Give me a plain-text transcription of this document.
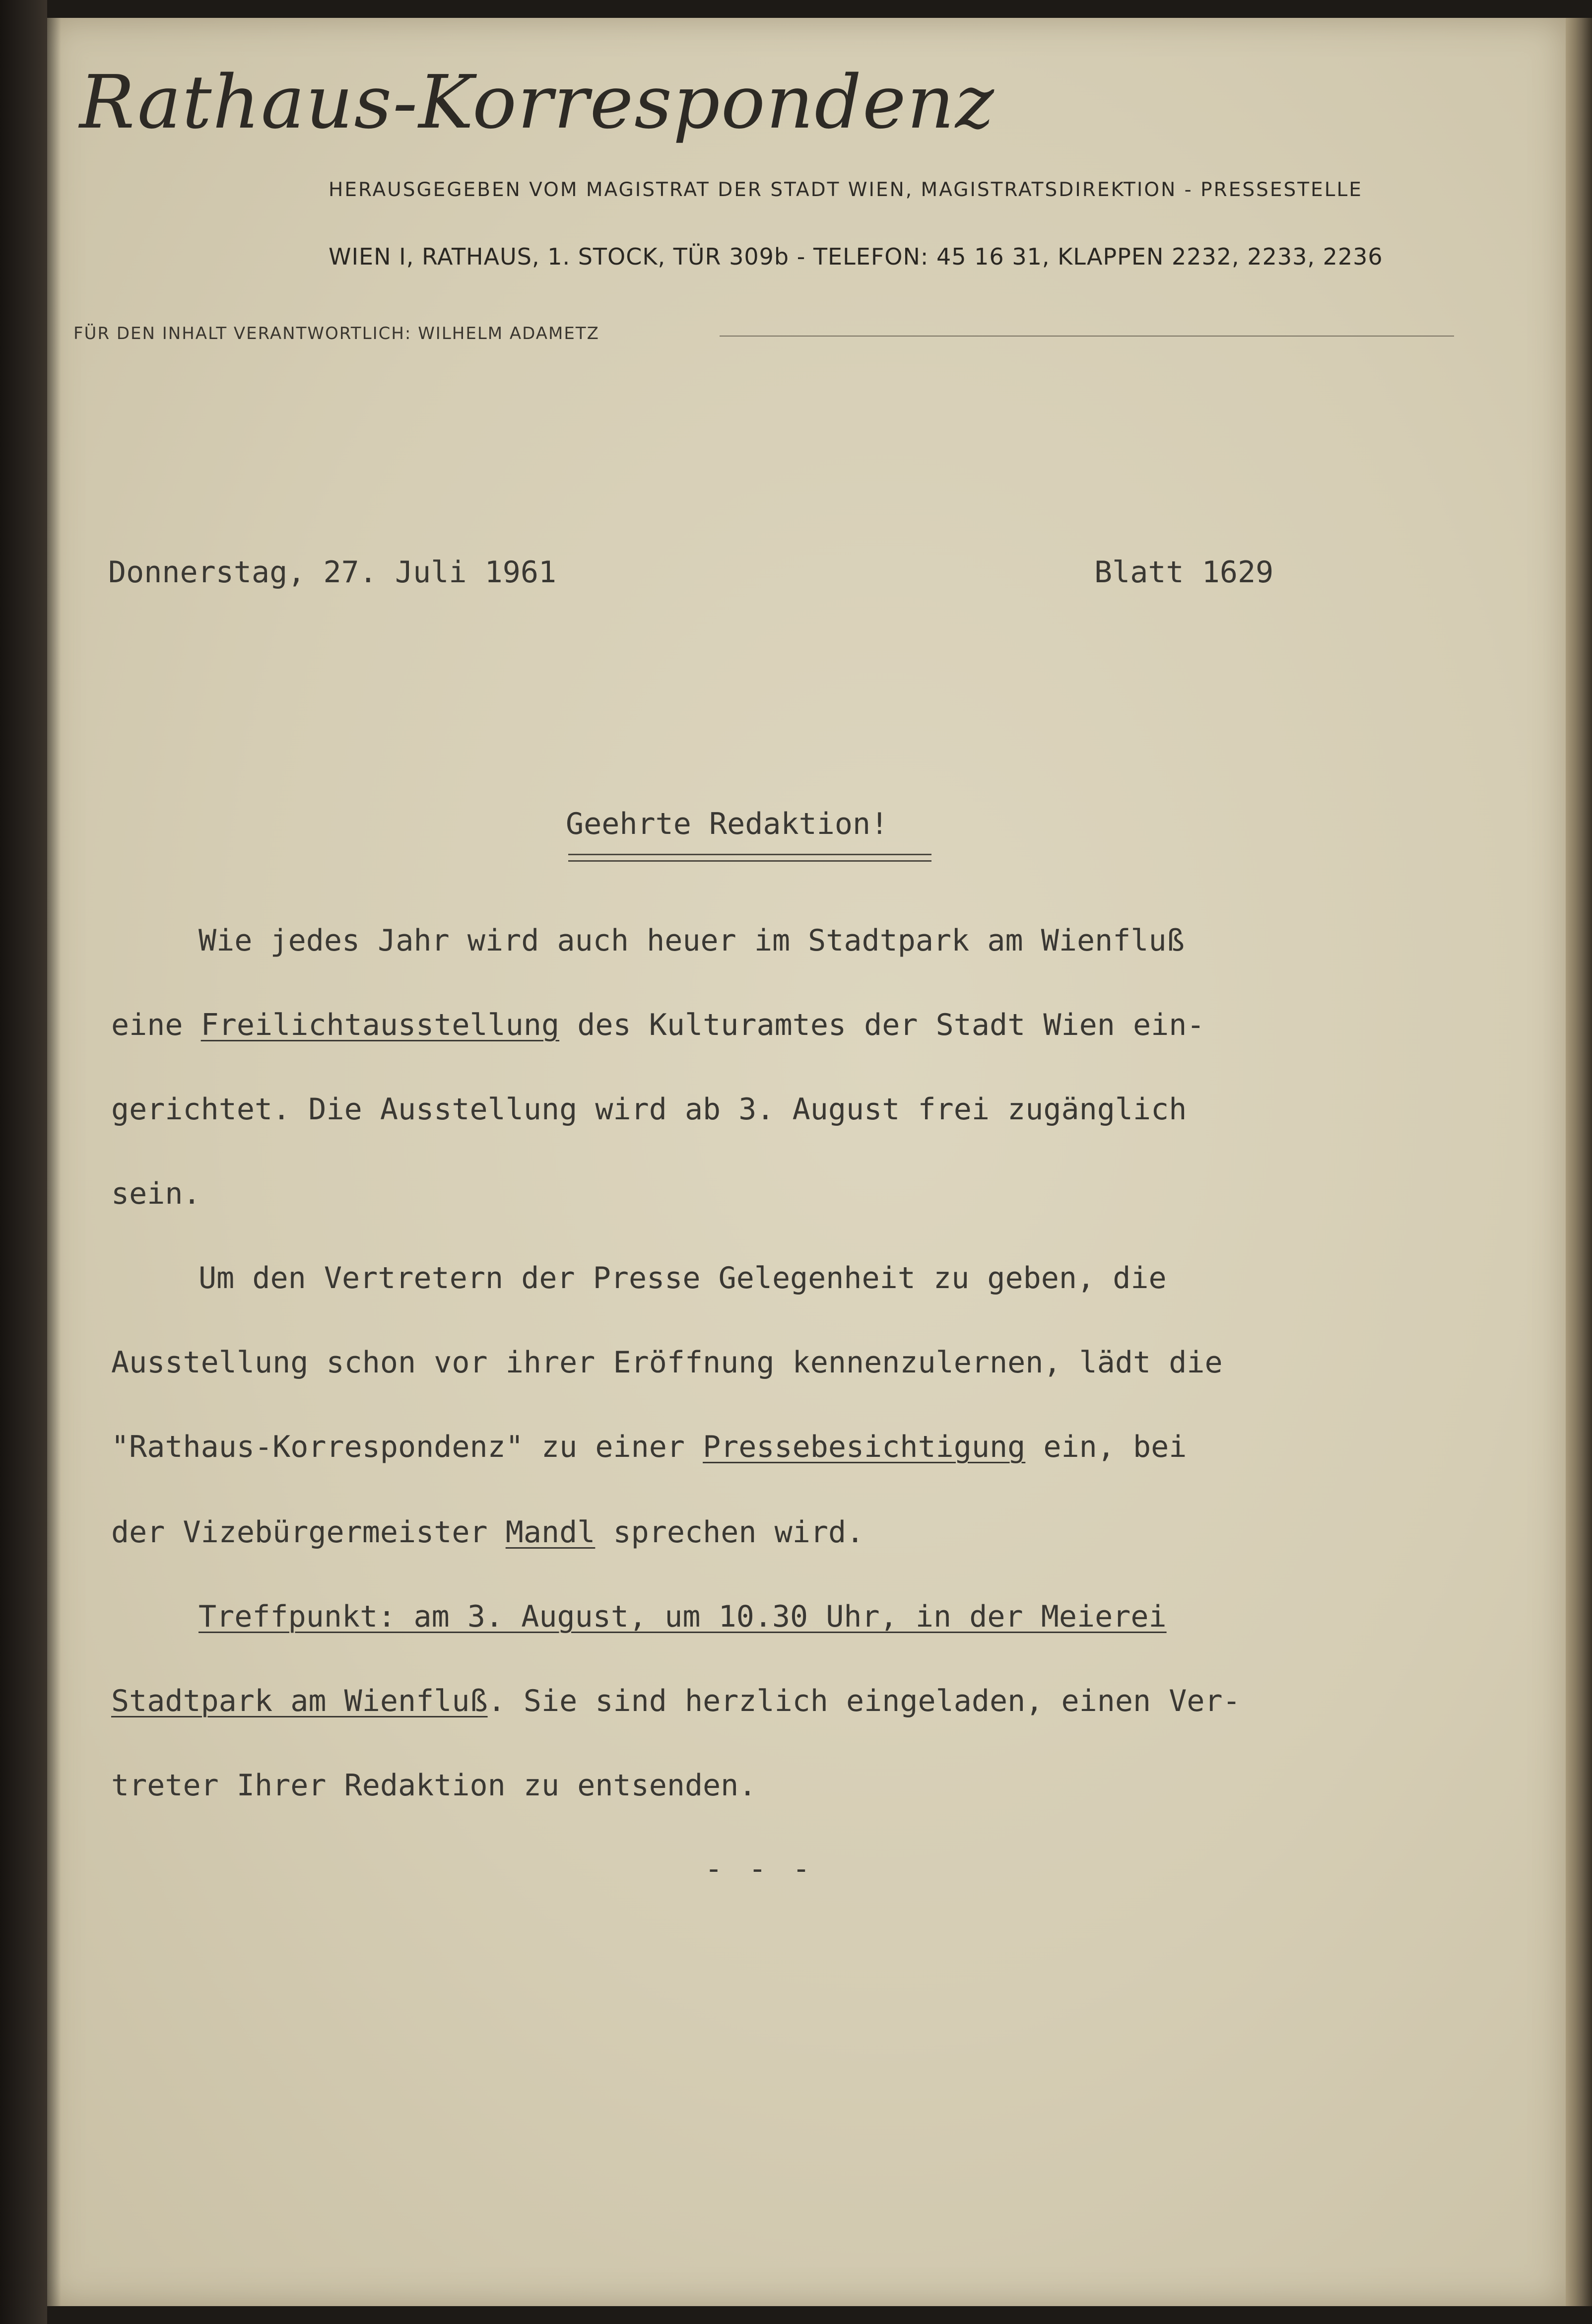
Rathaus-Korrespondenz
HERAUSGEGEBEN VOM MAGISTRAT DER STADT WIEN, MAGISTRATSDIREKTION - PRESSESTELLE
WIEN I, RATHAUS, 1. STOCK, TÜR 309b - TELEFON: 45 16 31, KLAPPEN 2232, 2233, 2236
FÜR DEN INHALT VERANTWORTLICH: WILHELM ADAMETZ

Donnerstag, 27. Juli 1961	Blatt 1629

Geehrte Redaktion!

Wie jedes Jahr wird auch heuer im Stadtpark am Wienfluß

eine Freilichtausstellung des Kulturamtes der Stadt Wien ein-

gerichtet. Die Ausstellung wird ab 3. August frei zugänglich

sein.

Um den Vertretern der Presse Gelegenheit zu geben, die

Ausstellung schon vor ihrer Eröffnung kennenzulernen, lädt die

"Rathaus-Korrespondenz" zu einer Pressebesichtigung ein, bei

der Vizebürgermeister Mandl sprechen wird.

Treffpunkt: am 3. August, um 10.30 Uhr, in der Meierei

Stadtpark am Wienfluß. Sie sind herzlich eingeladen, einen Ver-

treter Ihrer Redaktion zu entsenden.

- - -
